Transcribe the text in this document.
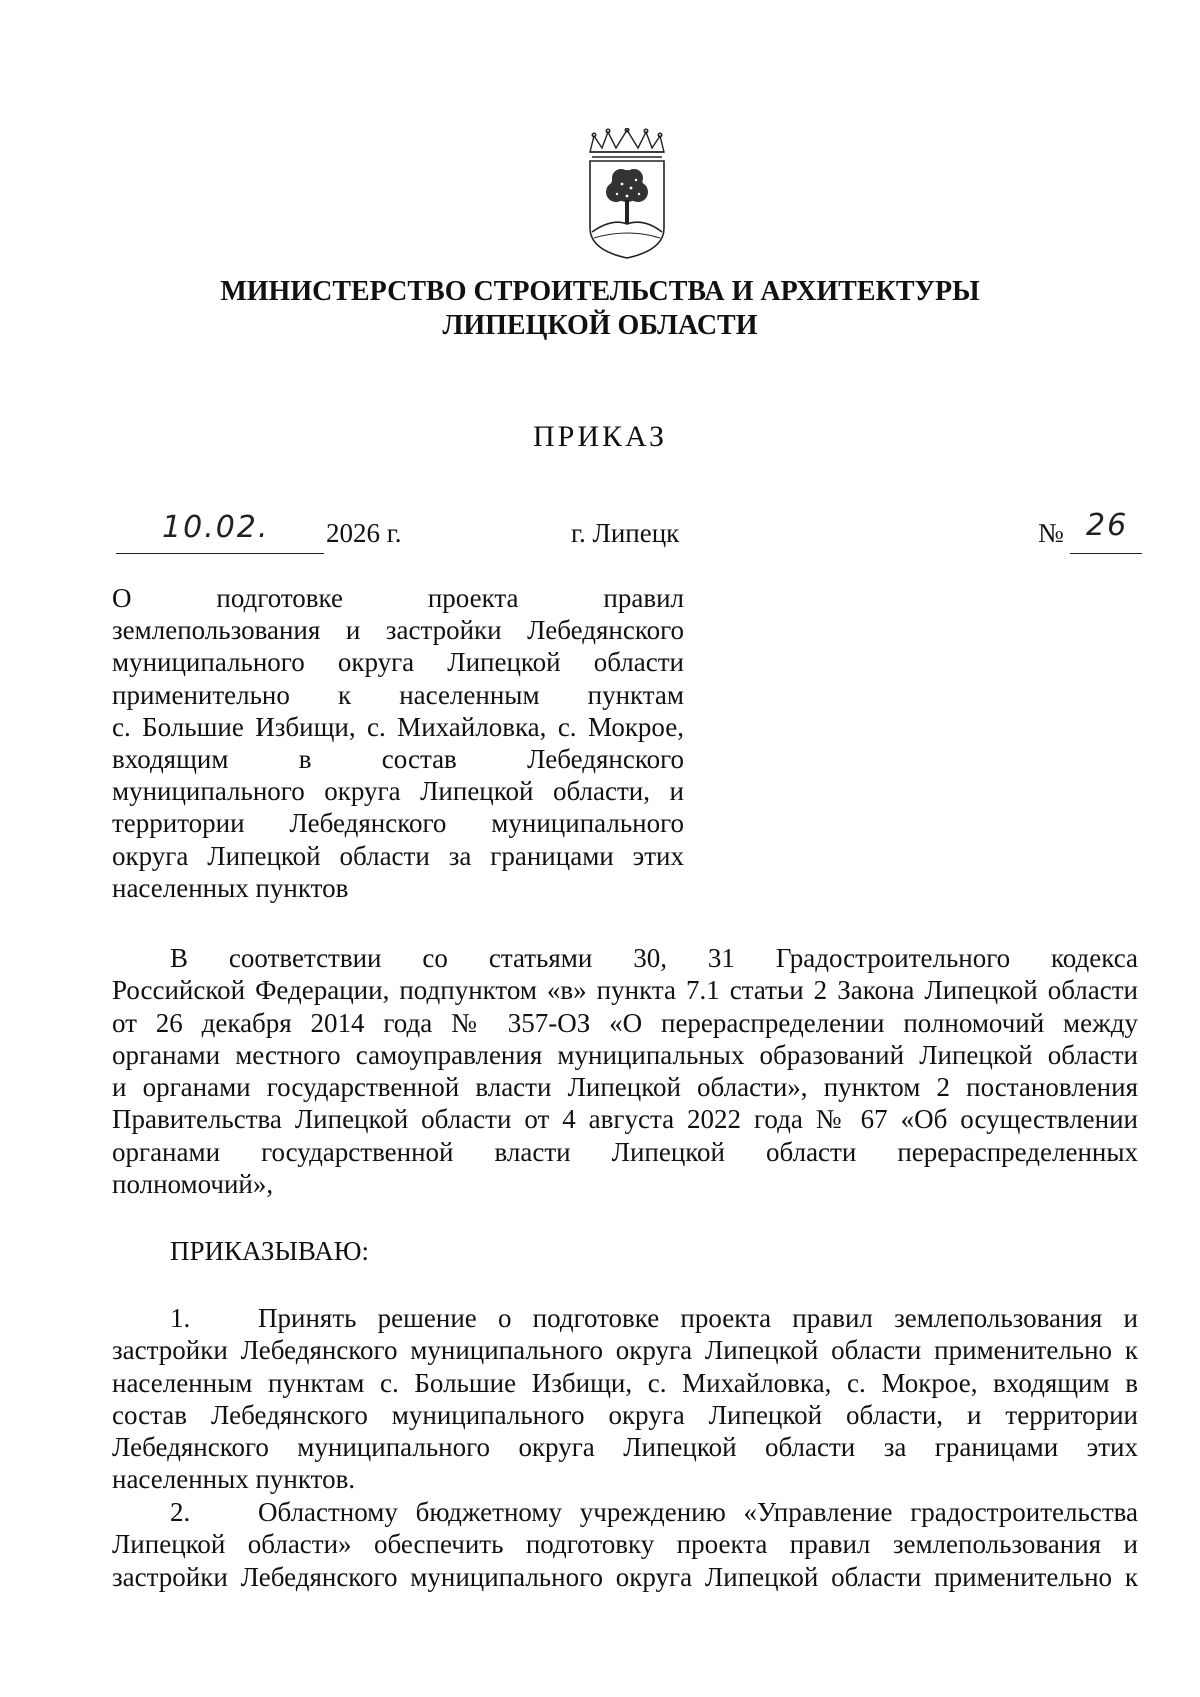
МИНИСТЕРСТВО СТРОИТЕЛЬСТВА И АРХИТЕКТУРЫ
ЛИПЕЦКОЙ ОБЛАСТИ
ПРИКАЗ
10.02. 2026 г.	г. Липецк	№ 26
О подготовке проекта правил
землепользования и застройки Лебедянского
муниципального округа Липецкой области
применительно к населенным пунктам
с. Большие Избищи, с. Михайловка, с. Мокрое,
входящим в состав Лебедянского
муниципального округа Липецкой области, и
территории Лебедянского муниципального
округа Липецкой области за границами этих
населенных пунктов
В соответствии со статьями 30, 31 Градостроительного кодекса
Российской Федерации, подпунктом «в» пункта 7.1 статьи 2 Закона Липецкой области
от 26 декабря 2014 года № 357-ОЗ «О перераспределении полномочий между
органами местного самоуправления муниципальных образований Липецкой области
и органами государственной власти Липецкой области», пунктом 2 постановления
Правительства Липецкой области от 4 августа 2022 года № 67 «Об осуществлении
органами государственной власти Липецкой области перераспределенных
полномочий»,
ПРИКАЗЫВАЮ:
1.	Принять решение о подготовке проекта правил землепользования и
застройки Лебедянского муниципального округа Липецкой области применительно к
населенным пунктам с. Большие Избищи, с. Михайловка, с. Мокрое, входящим в
состав Лебедянского муниципального округа Липецкой области, и территории
Лебедянского муниципального округа Липецкой области за границами этих
населенных пунктов.
2.	Областному бюджетному учреждению «Управление градостроительства
Липецкой области» обеспечить подготовку проекта правил землепользования и
застройки Лебедянского муниципального округа Липецкой области применительно к
